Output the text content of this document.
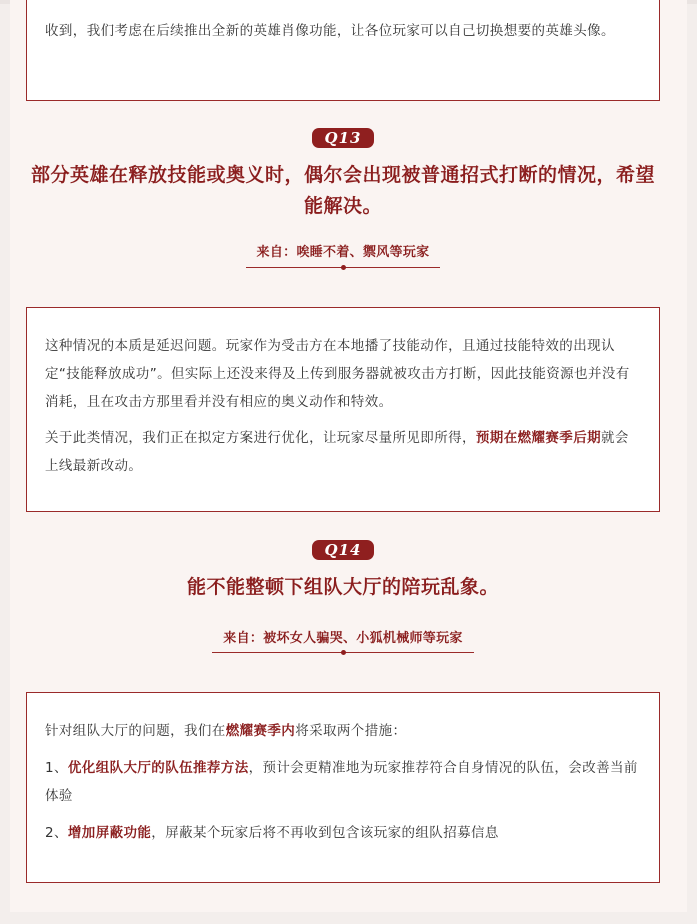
收到，我们考虑在后续推出全新的英雄肖像功能，让各位玩家可以自己切换想要的英雄头像。

Q13
部分英雄在释放技能或奥义时，偶尔会出现被普通招式打断的情况，希望能解决。
来自：唉睡不着、禦风等玩家

这种情况的本质是延迟问题。玩家作为受击方在本地播了技能动作，且通过技能特效的出现认定“技能释放成功”。但实际上还没来得及上传到服务器就被攻击方打断，因此技能资源也并没有消耗，且在攻击方那里看并没有相应的奥义动作和特效。

关于此类情况，我们正在拟定方案进行优化，让玩家尽量所见即所得，预期在燃耀赛季后期就会上线最新改动。

Q14
能不能整顿下组队大厅的陪玩乱象。
来自：被坏女人骗哭、小狐机械师等玩家

针对组队大厅的问题，我们在燃耀赛季内将采取两个措施：

1、优化组队大厅的队伍推荐方法，预计会更精准地为玩家推荐符合自身情况的队伍，会改善当前体验

2、增加屏蔽功能，屏蔽某个玩家后将不再收到包含该玩家的组队招募信息
